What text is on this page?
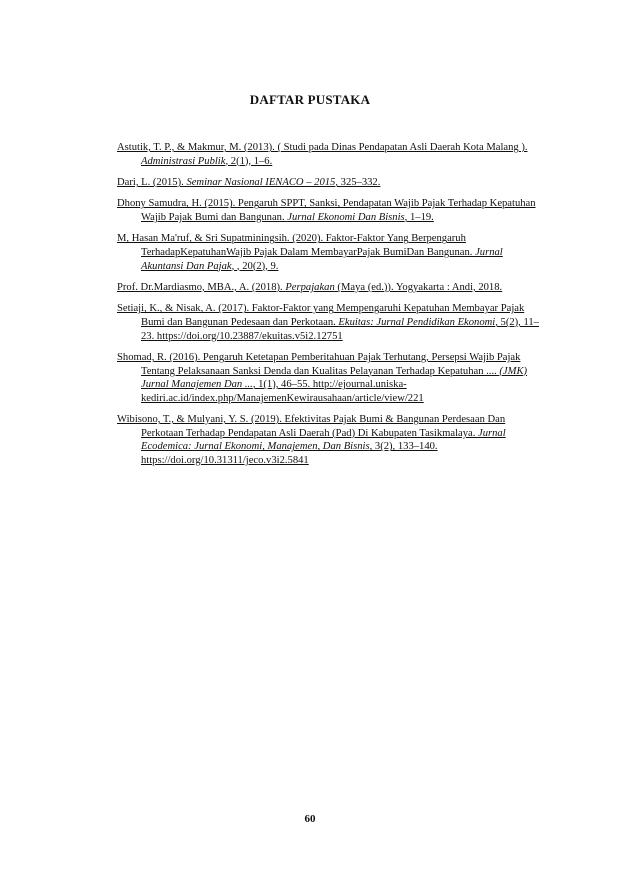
DAFTAR PUSTAKA
Astutik, T. P., & Makmur, M. (2013). ( Studi pada Dinas Pendapatan Asli Daerah Kota Malang ). Administrasi Publik, 2(1), 1–6.
Dari, L. (2015). Seminar Nasional IENACO – 2015, 325–332.
Dhony Samudra, H. (2015). Pengaruh SPPT, Sanksi, Pendapatan Wajib Pajak Terhadap Kepatuhan Wajib Pajak Bumi dan Bangunan. Jurnal Ekonomi Dan Bisnis, 1–19.
M, Hasan Ma'ruf, & Sri Supatminingsih. (2020). Faktor-Faktor Yang Berpengaruh TerhadapKepatuhanWajib Pajak Dalam MembayarPajak BumiDan Bangunan. Jurnal Akuntansi Dan Pajak, , 20(2), 9.
Prof. Dr.Mardiasmo, MBA., A. (2018). Perpajakan (Maya (ed.)). Yogyakarta : Andi, 2018.
Setiaji, K., & Nisak, A. (2017). Faktor-Faktor yang Mempengaruhi Kepatuhan Membayar Pajak Bumi dan Bangunan Pedesaan dan Perkotaan. Ekuitas: Jurnal Pendidikan Ekonomi, 5(2), 11–23. https://doi.org/10.23887/ekuitas.v5i2.12751
Shomad, R. (2016). Pengaruh Ketetapan Pemberitahuan Pajak Terhutang, Persepsi Wajib Pajak Tentang Pelaksanaan Sanksi Denda dan Kualitas Pelayanan Terhadap Kepatuhan .... (JMK) Jurnal Manajemen Dan ..., 1(1), 46–55. http://ejournal.uniska-kediri.ac.id/index.php/ManajemenKewirausahaan/article/view/221
Wibisono, T., & Mulyani, Y. S. (2019). Efektivitas Pajak Bumi & Bangunan Perdesaan Dan Perkotaan Terhadap Pendapatan Asli Daerah (Pad) Di Kabupaten Tasikmalaya. Jurnal Ecodemica: Jurnal Ekonomi, Manajemen, Dan Bisnis, 3(2), 133–140. https://doi.org/10.31311/jeco.v3i2.5841
60
